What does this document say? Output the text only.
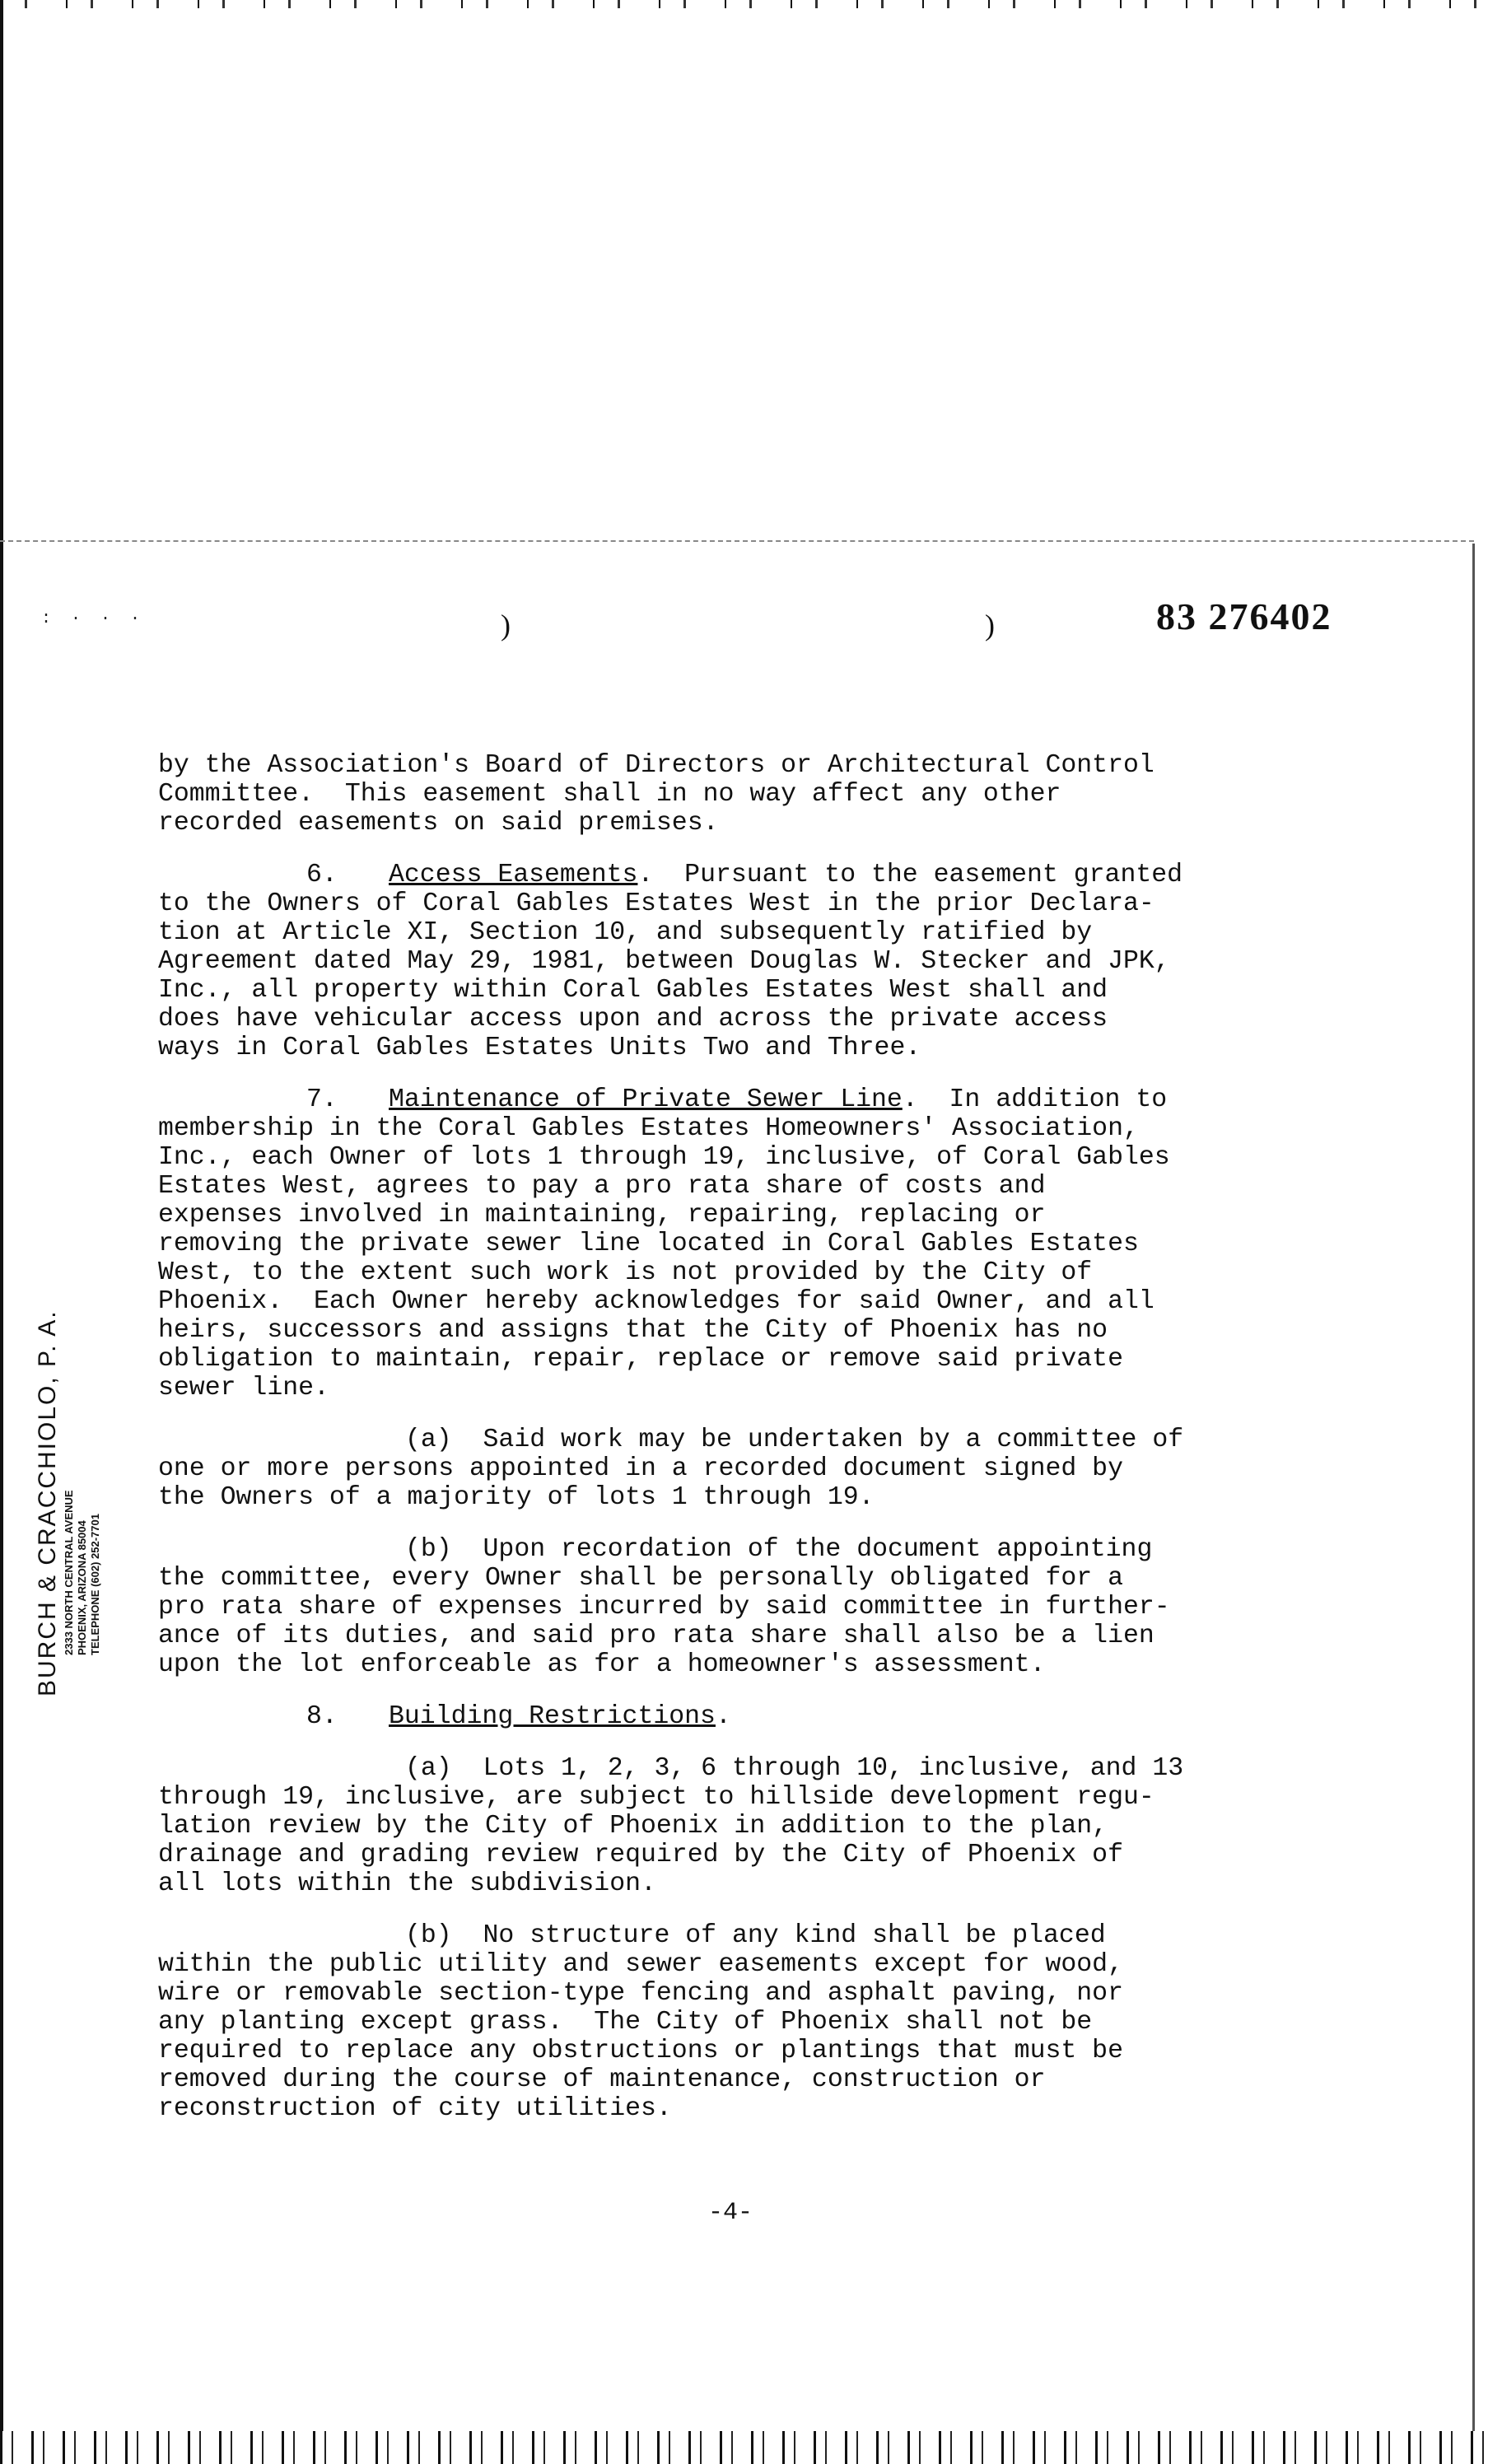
: · · ·	)	)	83 276402
BURCH & CRACCHIOLO, P. A. 2333 NORTH CENTRAL AVENUE PHOENIX, ARIZONA 85004 TELEPHONE (602) 252-7701

by the Association's Board of Directors or Architectural Control
Committee.  This easement shall in no way affect any other
recorded easements on said premises.

6. Access Easements.  Pursuant to the easement granted
to the Owners of Coral Gables Estates West in the prior Declara-
tion at Article XI, Section 10, and subsequently ratified by
Agreement dated May 29, 1981, between Douglas W. Stecker and JPK,
Inc., all property within Coral Gables Estates West shall and
does have vehicular access upon and across the private access
ways in Coral Gables Estates Units Two and Three.

7. Maintenance of Private Sewer Line.  In addition to
membership in the Coral Gables Estates Homeowners' Association,
Inc., each Owner of lots 1 through 19, inclusive, of Coral Gables
Estates West, agrees to pay a pro rata share of costs and
expenses involved in maintaining, repairing, replacing or
removing the private sewer line located in Coral Gables Estates
West, to the extent such work is not provided by the City of
Phoenix.  Each Owner hereby acknowledges for said Owner, and all
heirs, successors and assigns that the City of Phoenix has no
obligation to maintain, repair, replace or remove said private
sewer line.

(a)  Said work may be undertaken by a committee of
one or more persons appointed in a recorded document signed by
the Owners of a majority of lots 1 through 19.

(b)  Upon recordation of the document appointing
the committee, every Owner shall be personally obligated for a
pro rata share of expenses incurred by said committee in further-
ance of its duties, and said pro rata share shall also be a lien
upon the lot enforceable as for a homeowner's assessment.

8. Building Restrictions.

(a)  Lots 1, 2, 3, 6 through 10, inclusive, and 13
through 19, inclusive, are subject to hillside development regu-
lation review by the City of Phoenix in addition to the plan,
drainage and grading review required by the City of Phoenix of
all lots within the subdivision.

(b)  No structure of any kind shall be placed
within the public utility and sewer easements except for wood,
wire or removable section-type fencing and asphalt paving, nor
any planting except grass.  The City of Phoenix shall not be
required to replace any obstructions or plantings that must be
removed during the course of maintenance, construction or
reconstruction of city utilities.

-4-
